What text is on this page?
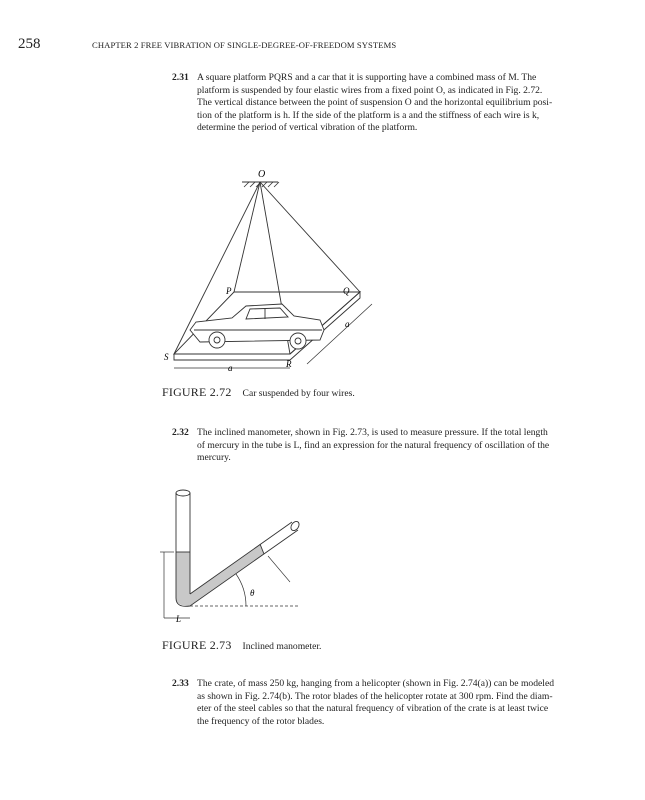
258	CHAPTER 2 FREE VIBRATION OF SINGLE-DEGREE-OF-FREEDOM SYSTEMS
2.31 A square platform PQRS and a car that it is supporting have a combined mass of M. The
platform is suspended by four elastic wires from a fixed point O, as indicated in Fig. 2.72.
The vertical distance between the point of suspension O and the horizontal equilibrium posi-
tion of the platform is h. If the side of the platform is a and the stiffness of each wire is k,
determine the period of vertical vibration of the platform.
O
a
a
P	Q
R
S
FIGURE 2.72 Car suspended by four wires.
2.32 The inclined manometer, shown in Fig. 2.73, is used to measure pressure. If the total length
of mercury in the tube is L, find an expression for the natural frequency of oscillation of the
mercury.
L
θ
FIGURE 2.73 Inclined manometer.
2.33 The crate, of mass 250 kg, hanging from a helicopter (shown in Fig. 2.74(a)) can be modeled
as shown in Fig. 2.74(b). The rotor blades of the helicopter rotate at 300 rpm. Find the diam-
eter of the steel cables so that the natural frequency of vibration of the crate is at least twice
the frequency of the rotor blades.
